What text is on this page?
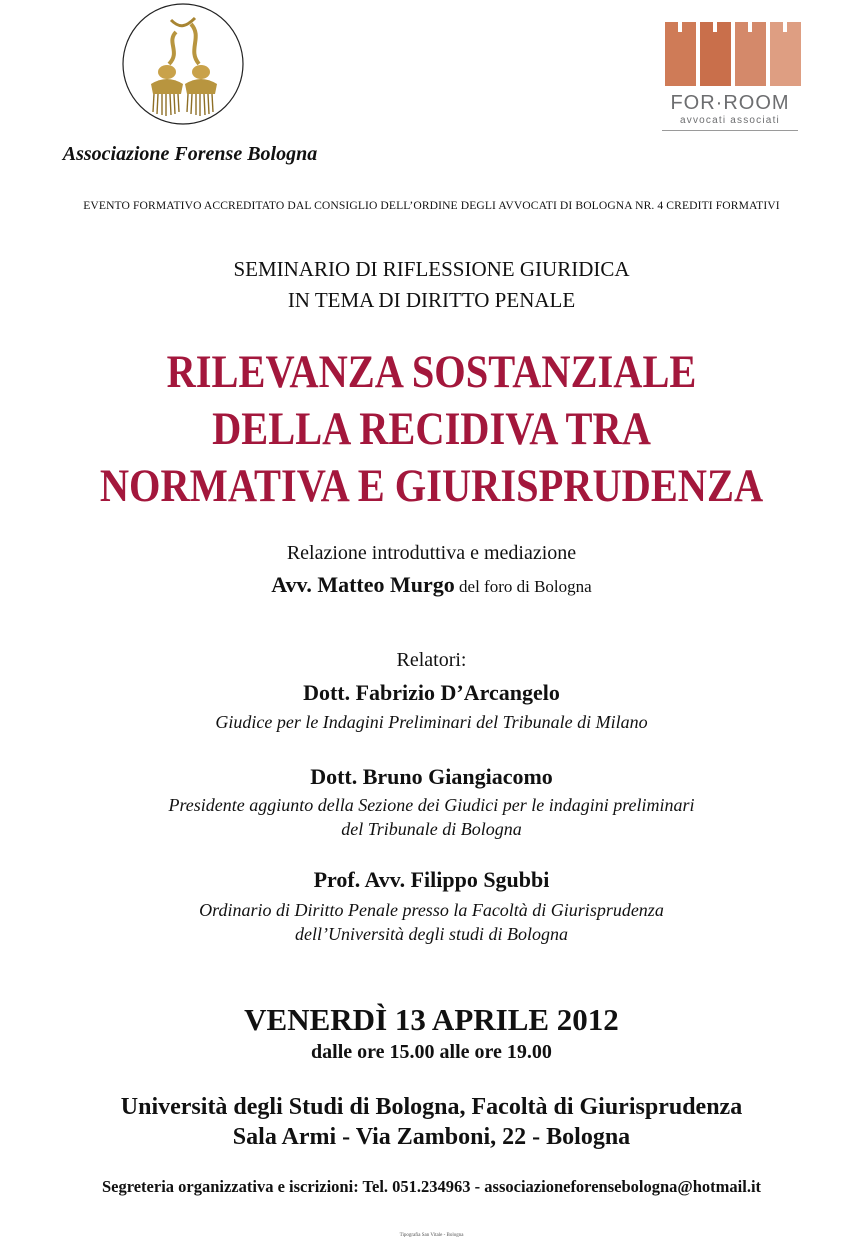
Associazione Forense Bologna
FOR·ROOM
avvocati associati
EVENTO FORMATIVO ACCREDITATO DAL CONSIGLIO DELL’ORDINE DEGLI AVVOCATI DI BOLOGNA NR. 4 CREDITI FORMATIVI
SEMINARIO DI RIFLESSIONE GIURIDICA
IN TEMA DI DIRITTO PENALE
RILEVANZA SOSTANZIALE
DELLA RECIDIVA TRA
NORMATIVA E GIURISPRUDENZA
Relazione introduttiva e mediazione
Avv. Matteo Murgo del foro di Bologna
Relatori:
Dott. Fabrizio D’Arcangelo
Giudice per le Indagini Preliminari del Tribunale di Milano
Dott. Bruno Giangiacomo
Presidente aggiunto della Sezione dei Giudici per le indagini preliminari
del Tribunale di Bologna
Prof. Avv. Filippo Sgubbi
Ordinario di Diritto Penale presso la Facoltà di Giurisprudenza
dell’Università degli studi di Bologna
VENERDÌ 13 APRILE 2012
dalle ore 15.00 alle ore 19.00
Università degli Studi di Bologna, Facoltà di Giurisprudenza
Sala Armi - Via Zamboni, 22 - Bologna
Segreteria organizzativa e iscrizioni: Tel. 051.234963 - associazioneforensebologna@hotmail.it
Tipografia San Vitale - Bologna
